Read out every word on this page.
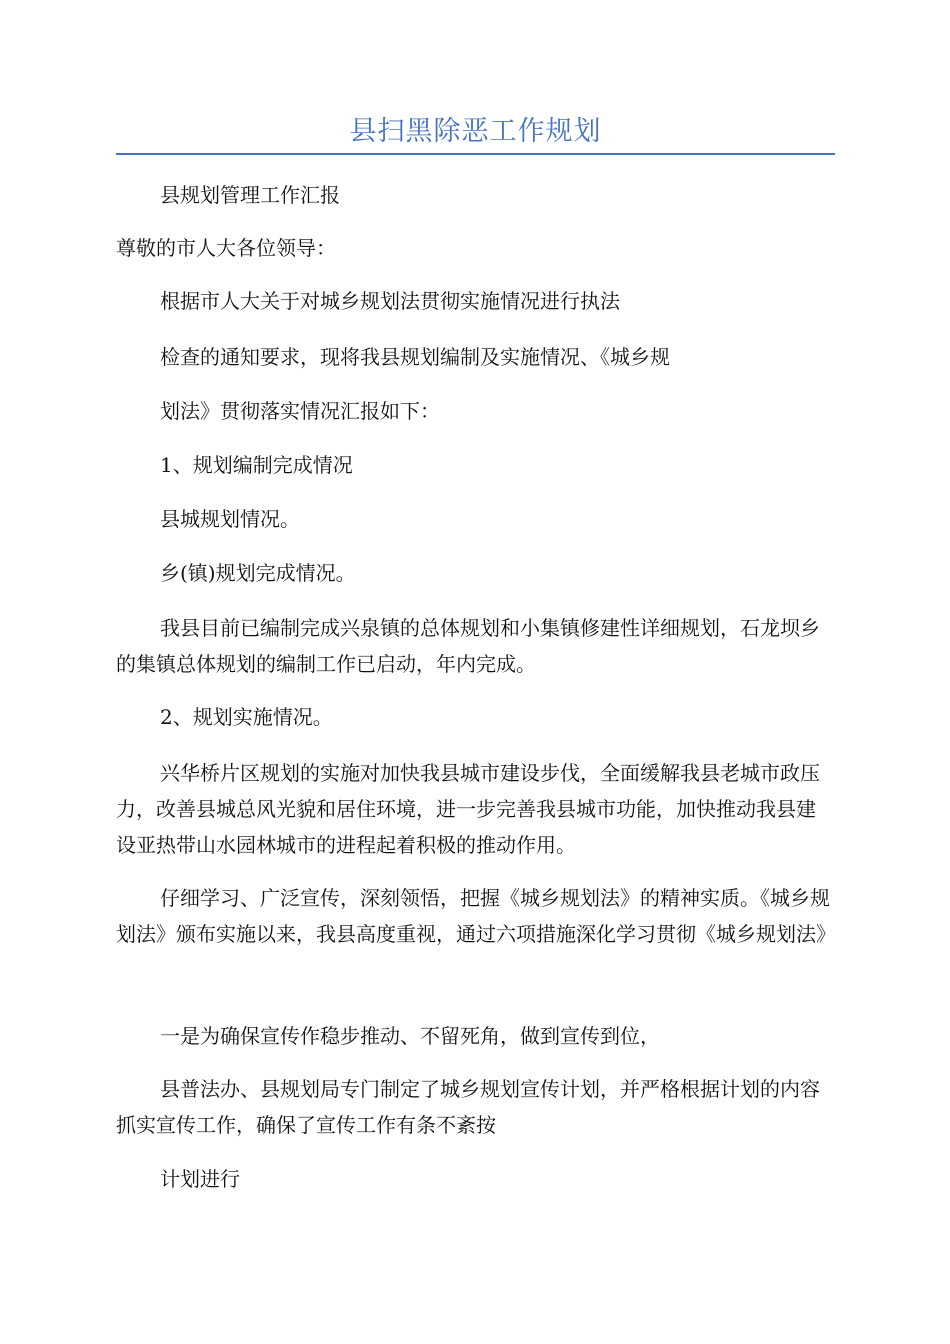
县扫黑除恶工作规划

县规划管理工作汇报

尊敬的市人大各位领导：

根据市人大关于对城乡规划法贯彻实施情况进行执法

检查的通知要求，现将我县规划编制及实施情况、《城乡规

划法》贯彻落实情况汇报如下：

1、规划编制完成情况

县城规划情况。

乡(镇)规划完成情况。

我县目前已编制完成兴泉镇的总体规划和小集镇修建性详细规划，石龙坝乡的集镇总体规划的编制工作已启动，年内完成。

2、规划实施情况。

兴华桥片区规划的实施对加快我县城市建设步伐，全面缓解我县老城市政压力，改善县城总风光貌和居住环境，进一步完善我县城市功能，加快推动我县建设亚热带山水园林城市的进程起着积极的推动作用。

仔细学习、广泛宣传，深刻领悟，把握《城乡规划法》的精神实质。《城乡规划法》颁布实施以来，我县高度重视，通过六项措施深化学习贯彻《城乡规划法》

一是为确保宣传作稳步推动、不留死角，做到宣传到位，

县普法办、县规划局专门制定了城乡规划宣传计划，并严格根据计划的内容抓实宣传工作，确保了宣传工作有条不紊按

计划进行
